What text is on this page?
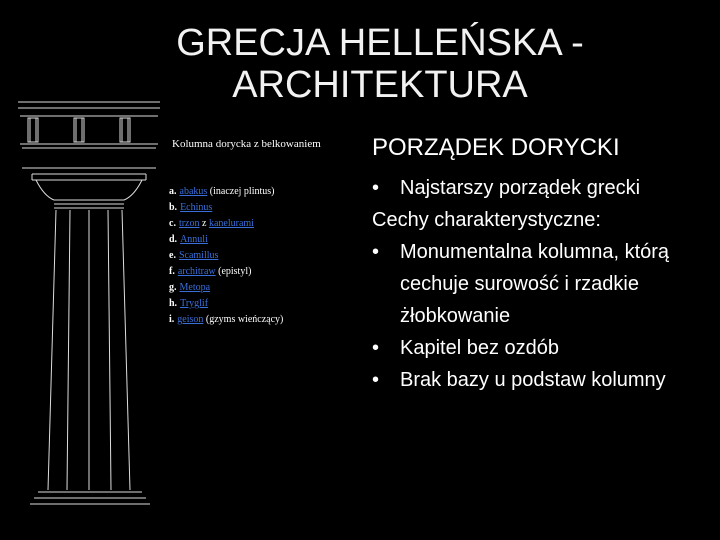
GRECJA HELLEŃSKA -
ARCHITEKTURA
Kolumna dorycka z belkowaniem
a. abakus (inaczej plintus)
b. Echinus
c. trzon z kanelurami
d. Annuli
e. Scamillus
f. architraw (epistyl)
g. Metopa
h. Tryglif
i. geison (gzyms wieńczący)
PORZĄDEK DORYCKI
• Najstarszy porządek grecki
Cechy charakterystyczne:
• Monumentalna kolumna, którą cechuje surowość i rzadkie żłobkowanie
• Kapitel bez ozdób
• Brak bazy u podstaw kolumny
